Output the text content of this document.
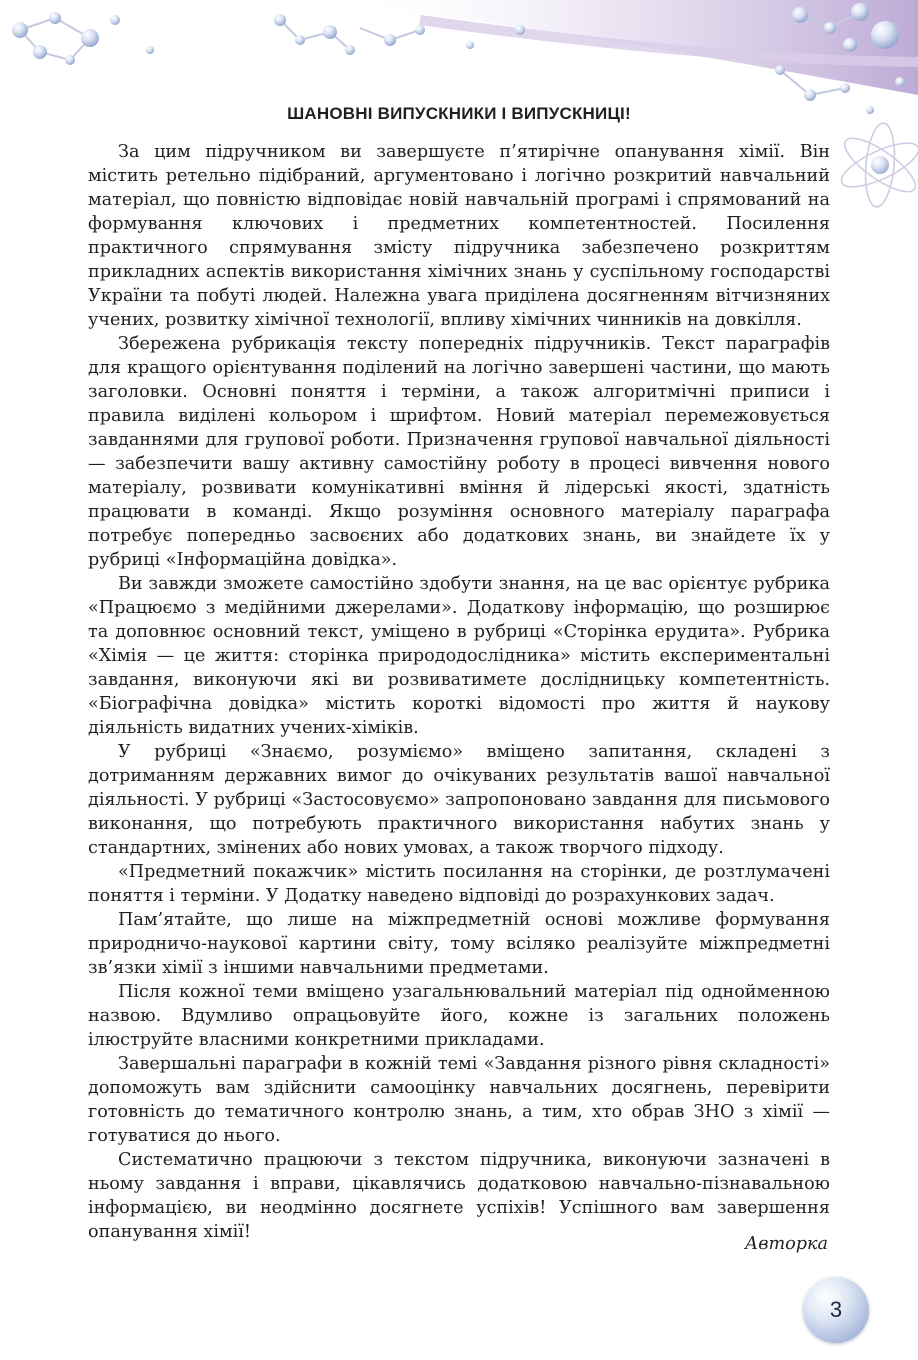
ШАНОВНІ ВИПУСКНИКИ І ВИПУСКНИЦІ!

За цим підручником ви завершуєте п’ятирічне опанування хімії. Він містить ретельно підібраний, аргументовано і логічно розкритий навчальний матеріал, що повністю відповідає новій навчальній програмі і спрямований на формування ключових і предметних компетентностей. Посилення практичного спрямування змісту підручника забезпечено розкриттям прикладних аспектів використання хімічних знань у суспільному господарстві України та побуті людей. Належна увага приділена досягненням вітчизняних учених, розвитку хімічної технології, впливу хімічних чинників на довкілля.

Збережена рубрикація тексту попередніх підручників. Текст параграфів для кращого орієнтування поділений на логічно завершені частини, що мають заголовки. Основні поняття і терміни, а також алгоритмічні приписи і правила виділені кольором і шрифтом. Новий матеріал перемежовується завданнями для групової роботи. Призначення групової навчальної діяльності — забезпечити вашу активну самостійну роботу в процесі вивчення нового матеріалу, розвивати комунікативні вміння й лідерські якості, здатність працювати в команді. Якщо розуміння основного матеріалу параграфа потребує попередньо засвоєних або додаткових знань, ви знайдете їх у рубриці «Інформаційна довідка».

Ви завжди зможете самостійно здобути знання, на це вас орієнтує рубрика «Працюємо з медійними джерелами». Додаткову інформацію, що розширює та доповнює основний текст, уміщено в рубриці «Сторінка ерудита». Рубрика «Хімія — це життя: сторінка природодослідника» містить експериментальні завдання, виконуючи які ви розвиватимете дослідницьку компетентність. «Біографічна довідка» містить короткі відомості про життя й наукову діяльність видатних учених-хіміків.

У рубриці «Знаємо, розуміємо» вміщено запитання, складені з дотриманням державних вимог до очікуваних результатів вашої навчальної діяльності. У рубриці «Застосовуємо» запропоновано завдання для письмового виконання, що потребують практичного використання набутих знань у стандартних, змінених або нових умовах, а також творчого підходу.

«Предметний покажчик» містить посилання на сторінки, де розтлумачені поняття і терміни. У Додатку наведено відповіді до розрахункових задач.

Пам’ятайте, що лише на міжпредметній основі можливе формування природничо-наукової картини світу, тому всіляко реалізуйте міжпредметні зв’язки хімії з іншими навчальними предметами.

Після кожної теми вміщено узагальнювальний матеріал під однойменною назвою. Вдумливо опрацьовуйте його, кожне із загальних положень ілюструйте власними конкретними прикладами.

Завершальні параграфи в кожній темі «Завдання різного рівня складності» допоможуть вам здійснити самооцінку навчальних досягнень, перевірити готовність до тематичного контролю знань, а тим, хто обрав ЗНО з хімії — готуватися до нього.

Систематично працюючи з текстом підручника, виконуючи зазначені в ньому завдання і вправи, цікавлячись додатковою навчально-пізнавальною інформацією, ви неодмінно досягнете успіхів! Успішного вам завершення опанування хімії!

Авторка
3
